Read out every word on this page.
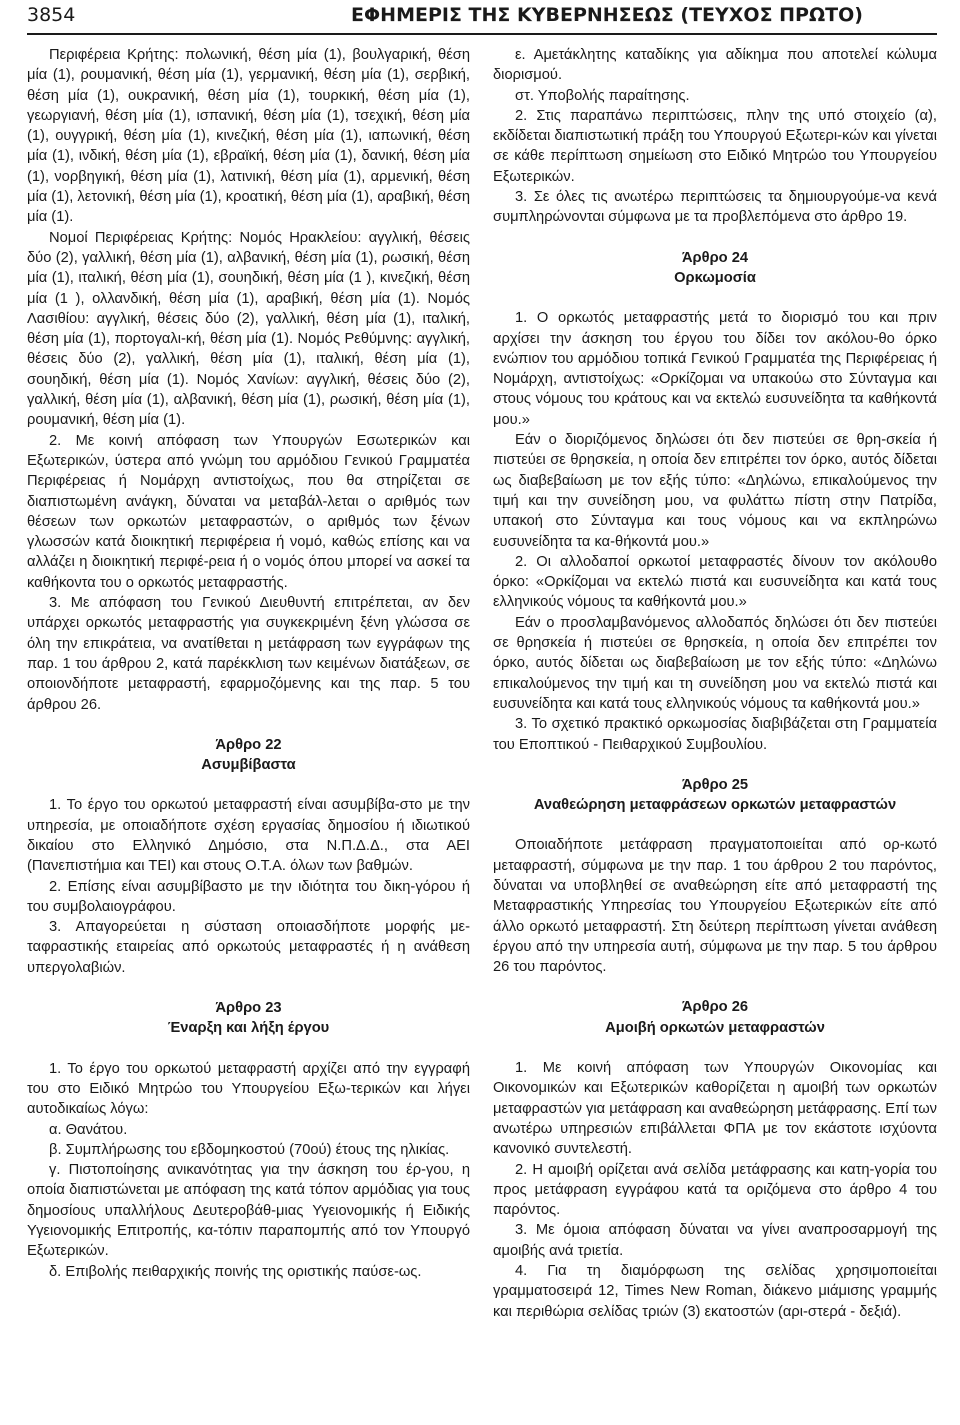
3854	ΕΦΗΜΕΡΙΣ ΤΗΣ ΚΥΒΕΡΝΗΣΕΩΣ (ΤΕΥΧΟΣ ΠΡΩΤΟ)

Περιφέρεια Κρήτης: πολωνική, θέση μία (1), βουλγαρική, θέση μία (1), ρουμανική, θέση μία (1), γερμανική, θέση μία (1), σερβική, θέση μία (1), ουκρανική, θέση μία (1), τουρκική, θέση μία (1), γεωργιανή, θέση μία (1), ισπανική, θέση μία (1), τσεχική, θέση μία (1), ουγγρική, θέση μία (1), κινεζική, θέση μία (1), ιαπωνική, θέση μία (1), ινδική, θέση μία (1), εβραϊκή, θέση μία (1), δανική, θέση μία (1), νορβηγική, θέση μία (1), λατινική, θέση μία (1), αρμενική, θέση μία (1), λετονική, θέση μία (1), κροατική, θέση μία (1), αραβική, θέση μία (1).

Νομοί Περιφέρειας Κρήτης: Νομός Ηρακλείου: αγγλική, θέσεις δύο (2), γαλλική, θέση μία (1), αλβανική, θέση μία (1), ρωσική, θέση μία (1), ιταλική, θέση μία (1), σουηδική, θέση μία (1 ), κινεζική, θέση μία (1 ), ολλανδική, θέση μία (1), αραβική, θέση μία (1). Νομός Λασιθίου: αγγλική, θέσεις δύο (2), γαλλική, θέση μία (1), ιταλική, θέση μία (1), πορτογαλι-κή, θέση μία (1). Νομός Ρεθύμνης: αγγλική, θέσεις δύο (2), γαλλική, θέση μία (1), ιταλική, θέση μία (1), σουηδική, θέση μία (1). Νομός Χανίων: αγγλική, θέσεις δύο (2), γαλλική, θέση μία (1), αλβανική, θέση μία (1), ρωσική, θέση μία (1), ρουμανική, θέση μία (1).

2. Με κοινή απόφαση των Υπουργών Εσωτερικών και Εξωτερικών, ύστερα από γνώμη του αρμόδιου Γενικού Γραμματέα Περιφέρειας ή Νομάρχη αντιστοίχως, που θα στηρίζεται σε διαπιστωμένη ανάγκη, δύναται να μεταβάλ-λεται ο αριθμός των θέσεων των ορκωτών μεταφραστών, ο αριθμός των ξένων γλωσσών κατά διοικητική περιφέρεια ή νομό, καθώς επίσης και να αλλάζει η διοικητική περιφέ-ρεια ή ο νομός όπου μπορεί να ασκεί τα καθήκοντα του ο ορκωτός μεταφραστής.

3. Με απόφαση του Γενικού Διευθυντή επιτρέπεται, αν δεν υπάρχει ορκωτός μεταφραστής για συγκεκριμένη ξένη γλώσσα σε όλη την επικράτεια, να ανατίθεται η μετάφραση των εγγράφων της παρ. 1 του άρθρου 2, κατά παρέκκλιση των κειμένων διατάξεων, σε οποιονδήποτε μεταφραστή, εφαρμοζόμενης και της παρ. 5 του άρθρου 26.

Άρθρο 22

Ασυμβίβαστα

1. Το έργο του ορκωτού μεταφραστή είναι ασυμβίβα-στο με την υπηρεσία, με οποιαδήποτε σχέση εργασίας δημοσίου ή ιδιωτικού δικαίου στο Ελληνικό Δημόσιο, στα Ν.Π.Δ.Δ., στα ΑΕΙ (Πανεπιστήμια και ΤΕΙ) και στους Ο.Τ.Α. όλων των βαθμών.

2. Επίσης είναι ασυμβίβαστο με την ιδιότητα του δικη-γόρου ή του συμβολαιογράφου.

3. Απαγορεύεται η σύσταση οποιασδήποτε μορφής με-ταφραστικής εταιρείας από ορκωτούς μεταφραστές ή η ανάθεση υπεργολαβιών.

Άρθρο 23

Έναρξη και λήξη έργου

1. Το έργο του ορκωτού μεταφραστή αρχίζει από την εγγραφή του στο Ειδικό Μητρώο του Υπουργείου Εξω-τερικών και λήγει αυτοδικαίως λόγω:

α. Θανάτου.

β. Συμπλήρωσης του εβδομηκοστού (70ού) έτους της ηλικίας.

γ. Πιστοποίησης ανικανότητας για την άσκηση του έρ-γου, η οποία διαπιστώνεται με απόφαση της κατά τόπον αρμόδιας για τους δημοσίους υπαλλήλους Δευτεροβάθ-μιας Υγειονομικής ή Ειδικής Υγειονομικής Επιτροπής, κα-τόπιν παραπομπής από τον Υπουργό Εξωτερικών.

δ. Επιβολής πειθαρχικής ποινής της οριστικής παύσε-ως.

ε. Αμετάκλητης καταδίκης για αδίκημα που αποτελεί κώλυμα διορισμού.

στ. Υποβολής παραίτησης.

2. Στις παραπάνω περιπτώσεις, πλην της υπό στοιχείο (α), εκδίδεται διαπιστωτική πράξη του Υπουργού Εξωτερι-κών και γίνεται σε κάθε περίπτωση σημείωση στο Ειδικό Μητρώο του Υπουργείου Εξωτερικών.

3. Σε όλες τις ανωτέρω περιπτώσεις τα δημιουργούμε-να κενά συμπληρώνονται σύμφωνα με τα προβλεπόμενα στο άρθρο 19.

Άρθρο 24

Ορκωμοσία

1. Ο ορκωτός μεταφραστής μετά το διορισμό του και πριν αρχίσει την άσκηση του έργου του δίδει τον ακόλου-θο όρκο ενώπιον του αρμόδιου τοπικά Γενικού Γραμματέα της Περιφέρειας ή Νομάρχη, αντιστοίχως: «Ορκίζομαι να υπακούω στο Σύνταγμα και στους νόμους του κράτους και να εκτελώ ευσυνείδητα τα καθήκοντά μου.»

Εάν ο διοριζόμενος δηλώσει ότι δεν πιστεύει σε θρη-σκεία ή πιστεύει σε θρησκεία, η οποία δεν επιτρέπει τον όρκο, αυτός δίδεται ως διαβεβαίωση με τον εξής τύπο: «Δηλώνω, επικαλούμενος την τιμή και την συνείδηση μου, να φυλάττω πίστη στην Πατρίδα, υπακοή στο Σύνταγμα και τους νόμους και να εκπληρώνω ευσυνείδητα τα κα-θήκοντά μου.»

2. Οι αλλοδαποί ορκωτοί μεταφραστές δίνουν τον ακόλουθο όρκο: «Ορκίζομαι να εκτελώ πιστά και ευσυνείδητα και κατά τους ελληνικούς νόμους τα καθήκοντά μου.»

Εάν ο προσλαμβανόμενος αλλοδαπός δηλώσει ότι δεν πιστεύει σε θρησκεία ή πιστεύει σε θρησκεία, η οποία δεν επιτρέπει τον όρκο, αυτός δίδεται ως διαβεβαίωση με τον εξής τύπο: «Δηλώνω επικαλούμενος την τιμή και τη συνείδηση μου να εκτελώ πιστά και ευσυνείδητα και κατά τους ελληνικούς νόμους τα καθήκοντά μου.»

3. Το σχετικό πρακτικό ορκωμοσίας διαβιβάζεται στη Γραμματεία του Εποπτικού - Πειθαρχικού Συμβουλίου.

Άρθρο 25

Αναθεώρηση μεταφράσεων ορκωτών μεταφραστών

Οποιαδήποτε μετάφραση πραγματοποιείται από ορ-κωτό μεταφραστή, σύμφωνα με την παρ. 1 του άρθρου 2 του παρόντος, δύναται να υποβληθεί σε αναθεώρηση είτε από μεταφραστή της Μεταφραστικής Υπηρεσίας του Υπουργείου Εξωτερικών είτε από άλλο ορκωτό μεταφραστή. Στη δεύτερη περίπτωση γίνεται ανάθεση έργου από την υπηρεσία αυτή, σύμφωνα με την παρ. 5 του άρθρου 26 του παρόντος.

Άρθρο 26

Αμοιβή ορκωτών μεταφραστών

1. Με κοινή απόφαση των Υπουργών Οικονομίας και Οικονομικών και Εξωτερικών καθορίζεται η αμοιβή των ορκωτών μεταφραστών για μετάφραση και αναθεώρηση μετάφρασης. Επί των ανωτέρω υπηρεσιών επιβάλλεται ΦΠΑ με τον εκάστοτε ισχύοντα κανονικό συντελεστή.

2. Η αμοιβή ορίζεται ανά σελίδα μετάφρασης και κατη-γορία του προς μετάφραση εγγράφου κατά τα οριζόμενα στο άρθρο 4 του παρόντος.

3. Με όμοια απόφαση δύναται να γίνει αναπροσαρμογή της αμοιβής ανά τριετία.

4. Για τη διαμόρφωση της σελίδας χρησιμοποιείται γραμματοσειρά 12, Times New Roman, διάκενο μιάμισης γραμμής και περιθώρια σελίδας τριών (3) εκατοστών (αρι-στερά - δεξιά).
